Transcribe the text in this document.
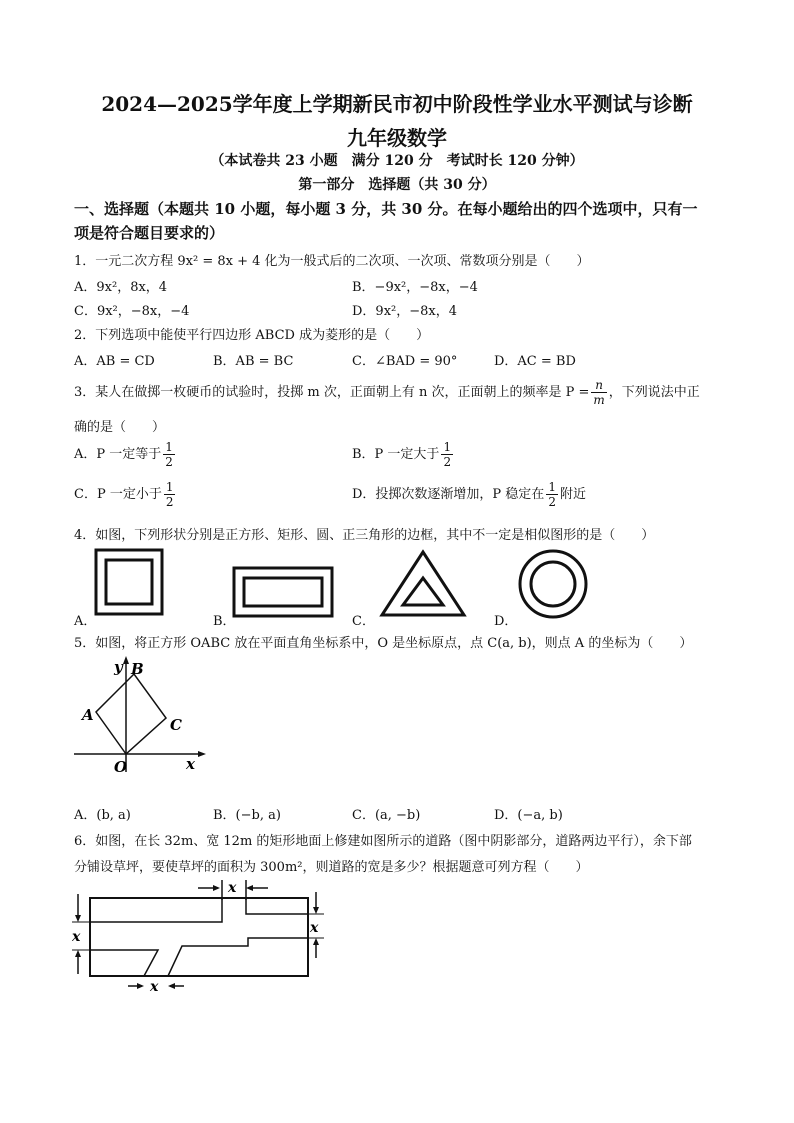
2024—2025学年度上学期新民市初中阶段性学业水平测试与诊断
九年级数学
（本试卷共 23 小题　满分 120 分　考试时长 120 分钟）
第一部分　选择题（共 30 分）
一、选择题（本题共 10 小题，每小题 3 分，共 30 分。在每小题给出的四个选项中，只有一
项是符合题目要求的）
1．一元二次方程 9x² = 8x + 4 化为一般式后的二次项、一次项、常数项分别是（　　）
A．9x²，8x，4	B．−9x²，−8x，−4
C．9x²，−8x，−4	D．9x²，−8x，4
2．下列选项中能使平行四边形 ABCD 成为菱形的是（　　）
A．AB = CD	B．AB = BC	C．∠BAD = 90°	D．AC = BD
3．某人在做掷一枚硬币的试验时，投掷 m 次，正面朝上有 n 次，正面朝上的频率是 $P = \frac{n}{m}$ ，下列说法中正
确的是（　　）
A．P 一定等于 $\frac{1}{2}$	B．P 一定大于 $\frac{1}{2}$
C．P 一定小于 $\frac{1}{2}$	D．投掷次数逐渐增加，P 稳定在 $\frac{1}{2}$ 附近
4．如图，下列形状分别是正方形、矩形、圆、正三角形的边框，其中不一定是相似图形的是（　　）
A．	B．	C．	D．
5．如图，将正方形 OABC 放在平面直角坐标系中，O 是坐标原点，点 C(a, b)，则点 A 的坐标为（　　）
y B
A
C
O	x
A．(b, a)	B．(−b, a)	C．(a, −b)	D．(−a, b)
6．如图，在长 32m、宽 12m 的矩形地面上修建如图所示的道路（图中阴影部分，道路两边平行），余下部
分铺设草坪，要使草坪的面积为 300m²，则道路的宽是多少？根据题意可列方程（　　）
x
x
x
x
